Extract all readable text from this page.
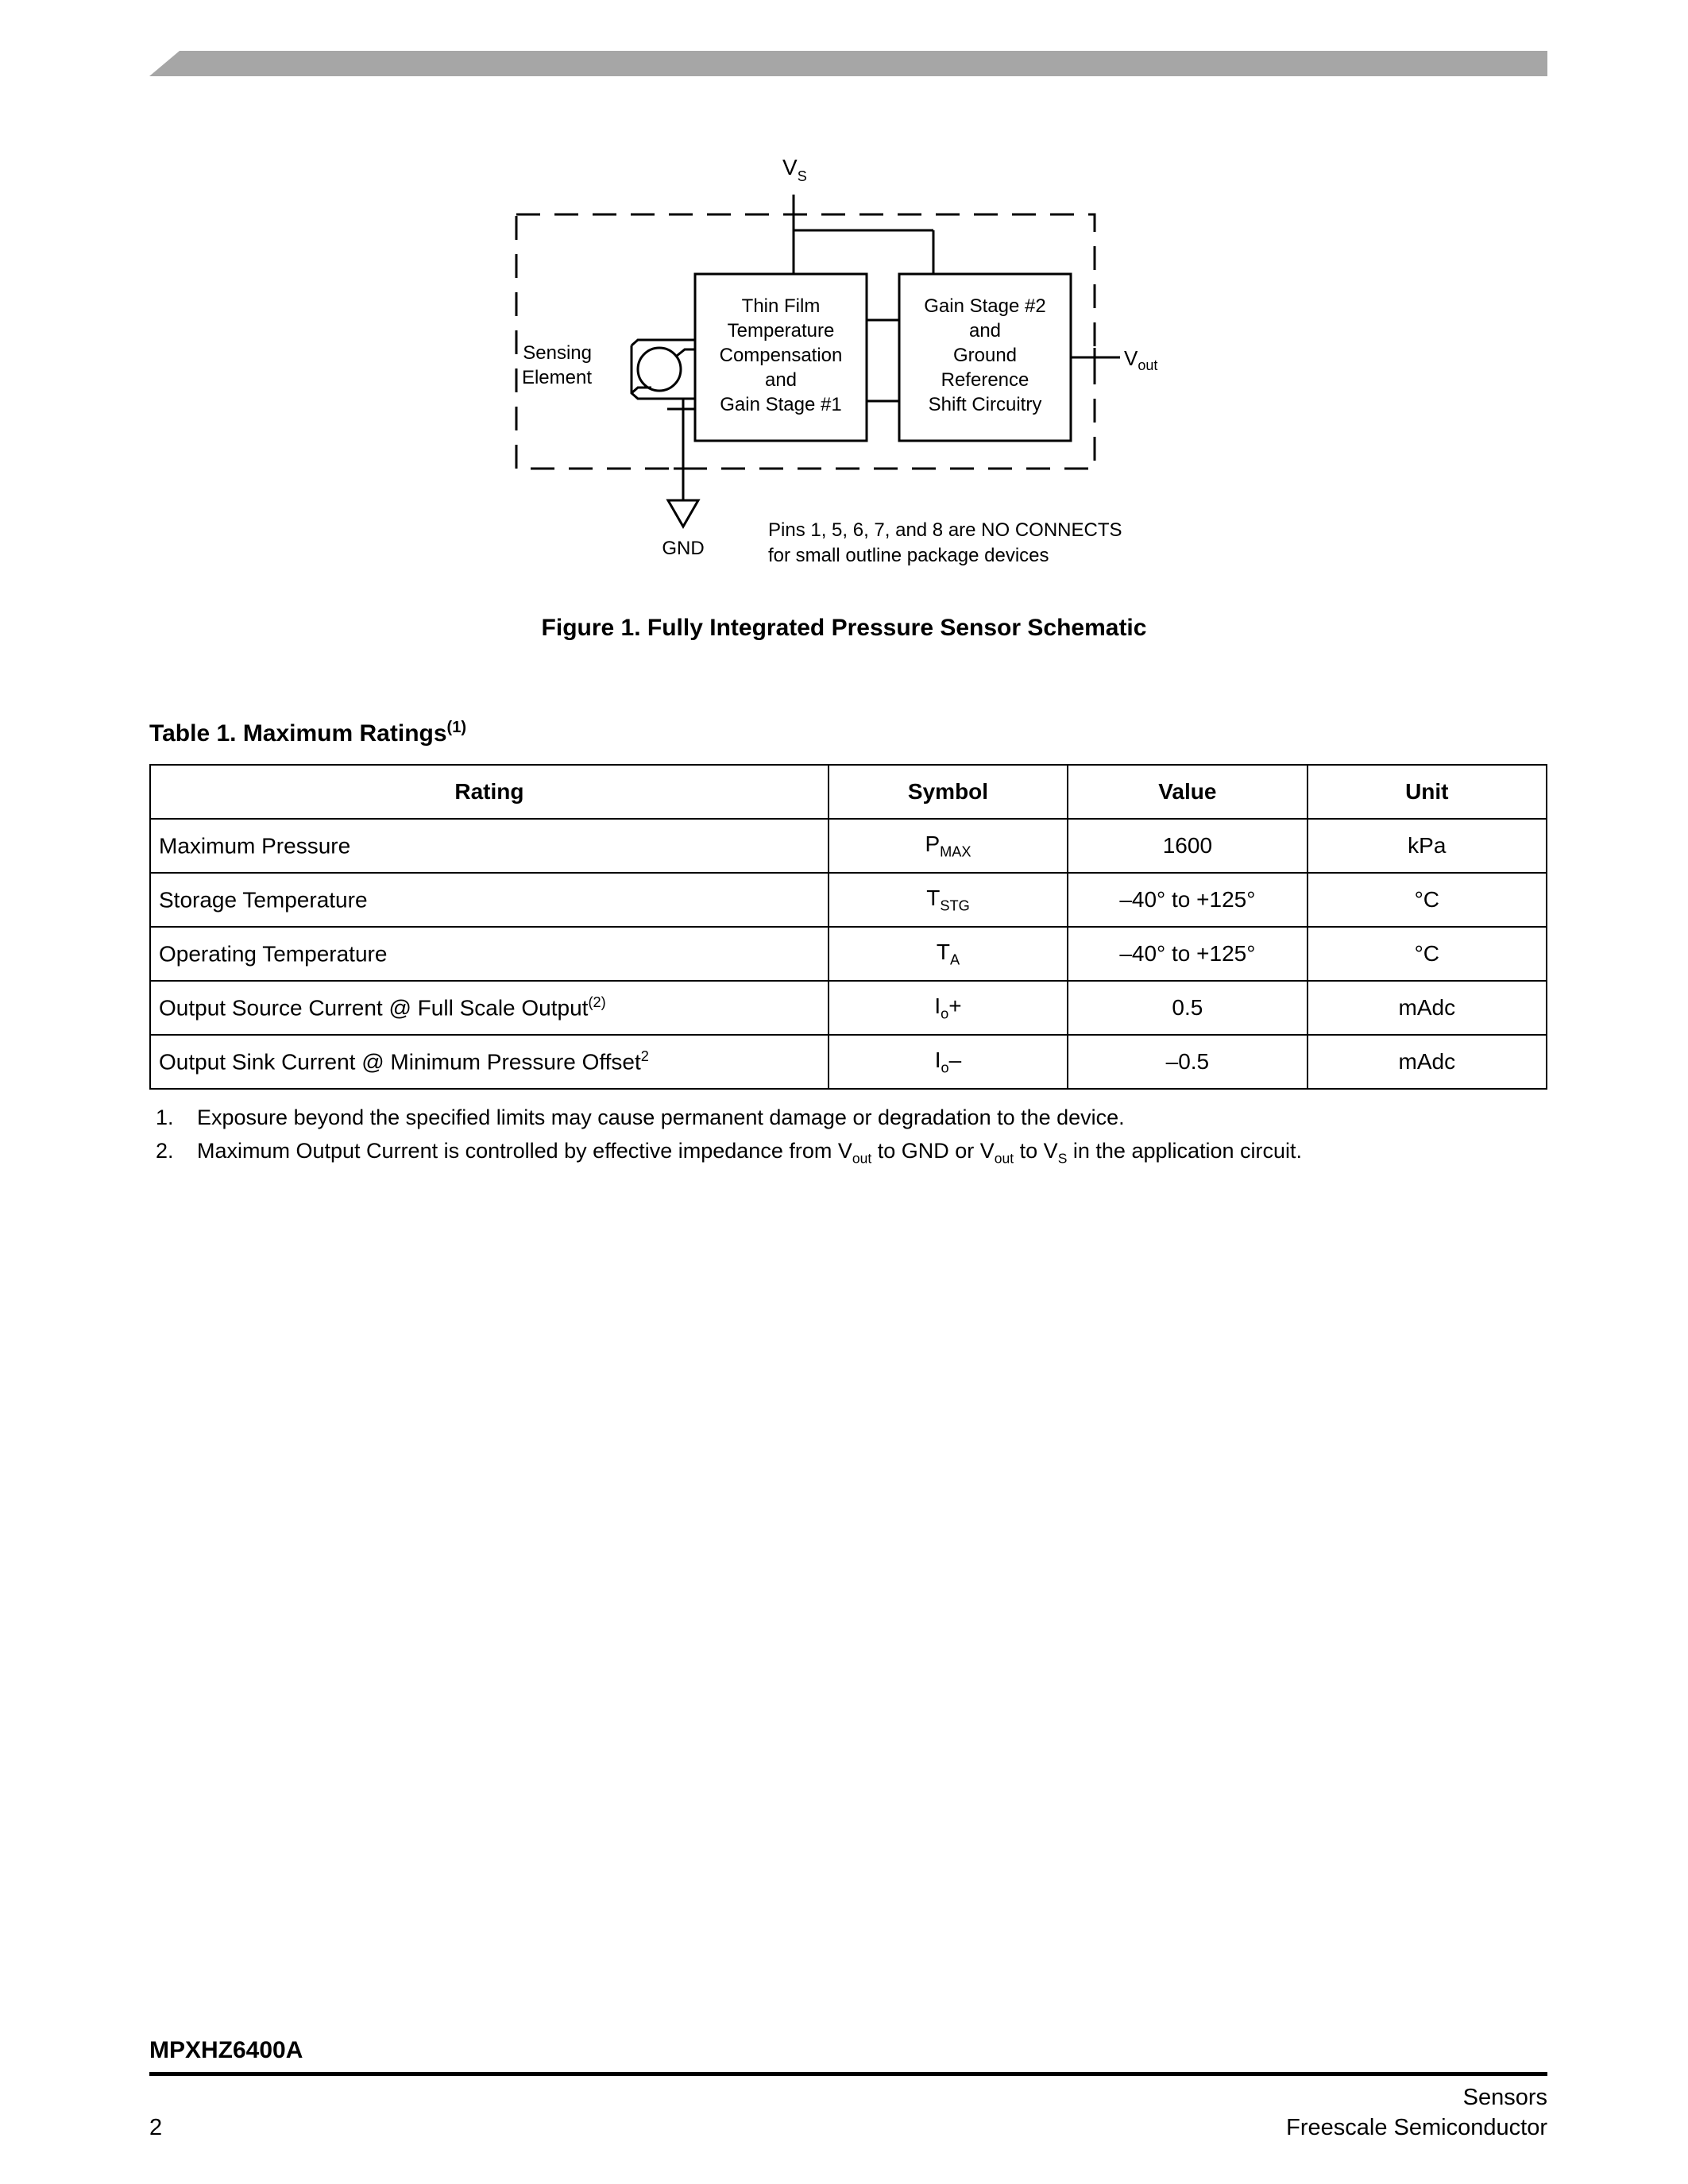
$V_S$
Thin Film
Temperature
Compensation
and
Gain Stage #1
Gain Stage #2
and
Ground
Reference
Shift Circuitry
$V_{out}$
Sensing
Element
GND
Pins 1, 5, 6, 7, and 8 are NO CONNECTS
for small outline package devices
Figure 1. Fully Integrated Pressure Sensor Schematic
Table 1. Maximum Ratings$^{(1)}$
Rating	Symbol	Value	Unit
Maximum Pressure	$P_{MAX}$	1600	kPa
Storage Temperature	$T_{STG}$	–40° to +125°	°C
Operating Temperature	$T_A$	–40° to +125°	°C
Output Source Current @ Full Scale Output$^{(2)}$	$I_o+$	0.5	mAdc
Output Sink Current @ Minimum Pressure Offset$^2$	$I_o-$	–0.5	mAdc
1. Exposure beyond the specified limits may cause permanent damage or degradation to the device.
2. Maximum Output Current is controlled by effective impedance from $V_{out}$ to GND or $V_{out}$ to $V_S$ in the application circuit.
MPXHZ6400A
Sensors
Freescale Semiconductor
2
